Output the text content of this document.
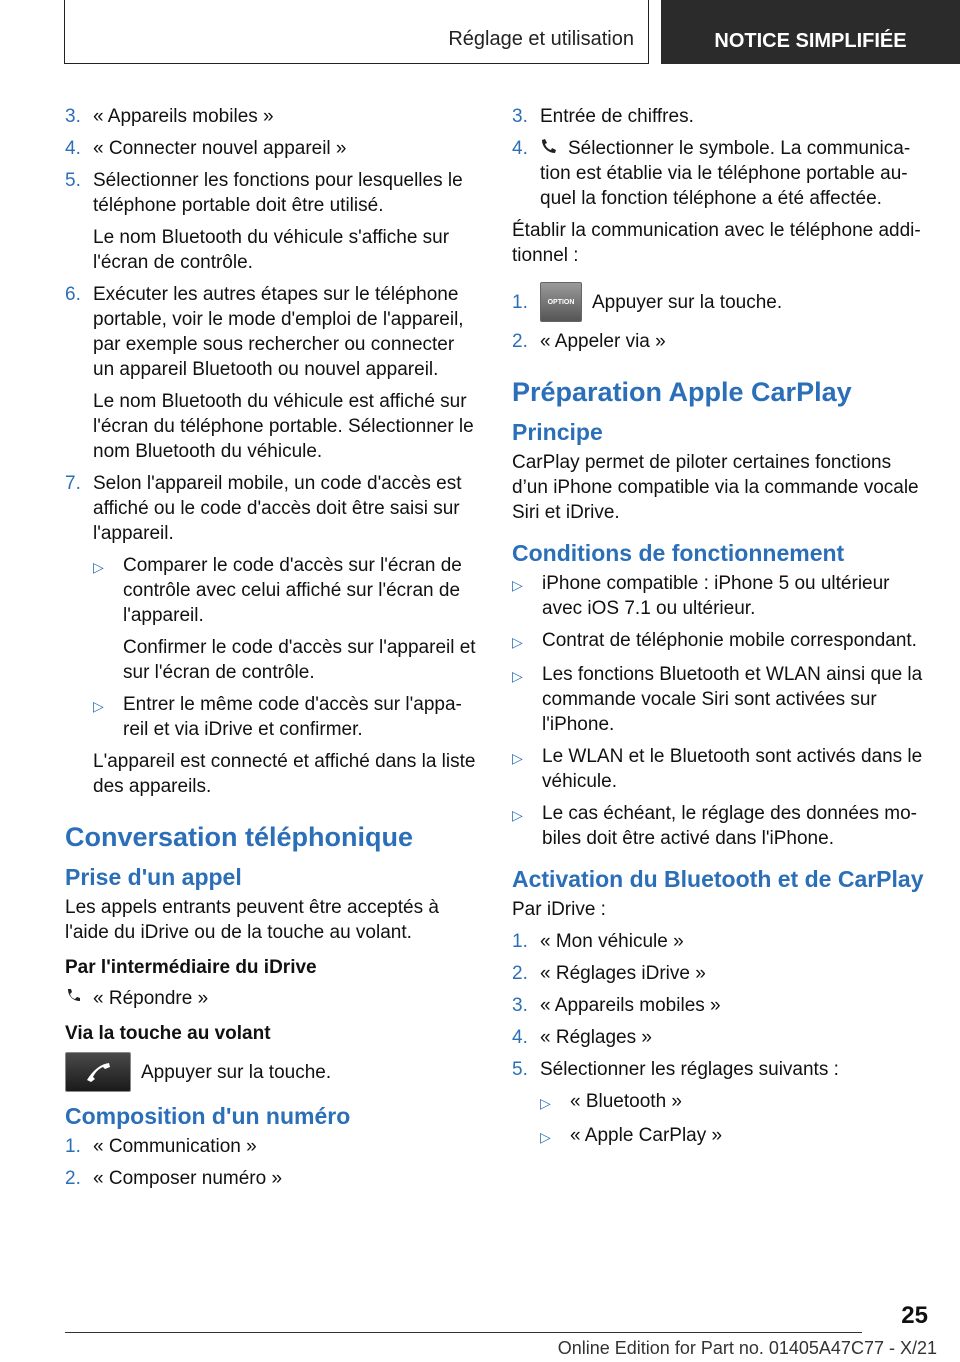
Réglage et utilisation	NOTICE SIMPLIFIÉE
3. « Appareils mobiles »
4. « Connecter nouvel appareil »
5. Sélectionner les fonctions pour lesquelles le téléphone portable doit être utilisé.
Le nom Bluetooth du véhicule s'affiche sur l'écran de contrôle.
6. Exécuter les autres étapes sur le téléphone portable, voir le mode d'emploi de l'appareil, par exemple sous rechercher ou connecter un appareil Bluetooth ou nouvel appareil.
Le nom Bluetooth du véhicule est affiché sur l'écran du téléphone portable. Sélectionner le nom Bluetooth du véhicule.
7. Selon l'appareil mobile, un code d'accès est affiché ou le code d'accès doit être saisi sur l'appareil.
▷	Comparer le code d'accès sur l'écran de contrôle avec celui affiché sur l'écran de l'appareil.
Confirmer le code d'accès sur l'appareil et sur l'écran de contrôle.
▷	Entrer le même code d'accès sur l'appareil et via iDrive et confirmer.
L'appareil est connecté et affiché dans la liste des appareils.
Conversation téléphonique
Prise d'un appel
Les appels entrants peuvent être acceptés à l'aide du iDrive ou de la touche au volant.
Par l'intermédiaire du iDrive
« Répondre »
Via la touche au volant
Appuyer sur la touche.
Composition d'un numéro
1. « Communication »
2. « Composer numéro »
3. Entrée de chiffres.
4.	Sélectionner le symbole. La communication est établie via le téléphone portable auquel la fonction téléphone a été affectée.
Établir la communication avec le téléphone additionnel :
1.	OPTION Appuyer sur la touche.
2. « Appeler via »
Préparation Apple CarPlay
Principe
CarPlay permet de piloter certaines fonctions d’un iPhone compatible via la commande vocale Siri et iDrive.
Conditions de fonctionnement
▷	iPhone compatible : iPhone 5 ou ultérieur avec iOS 7.1 ou ultérieur.
▷	Contrat de téléphonie mobile correspondant.
▷	Les fonctions Bluetooth et WLAN ainsi que la commande vocale Siri sont activées sur l'iPhone.
▷	Le WLAN et le Bluetooth sont activés dans le véhicule.
▷	Le cas échéant, le réglage des données mobiles doit être activé dans l'iPhone.
Activation du Bluetooth et de CarPlay
Par iDrive :
1. « Mon véhicule »
2. « Réglages iDrive »
3. « Appareils mobiles »
4. « Réglages »
5. Sélectionner les réglages suivants :
▷	« Bluetooth »
▷	« Apple CarPlay »
25
Online Edition for Part no. 01405A47C77 - X/21
